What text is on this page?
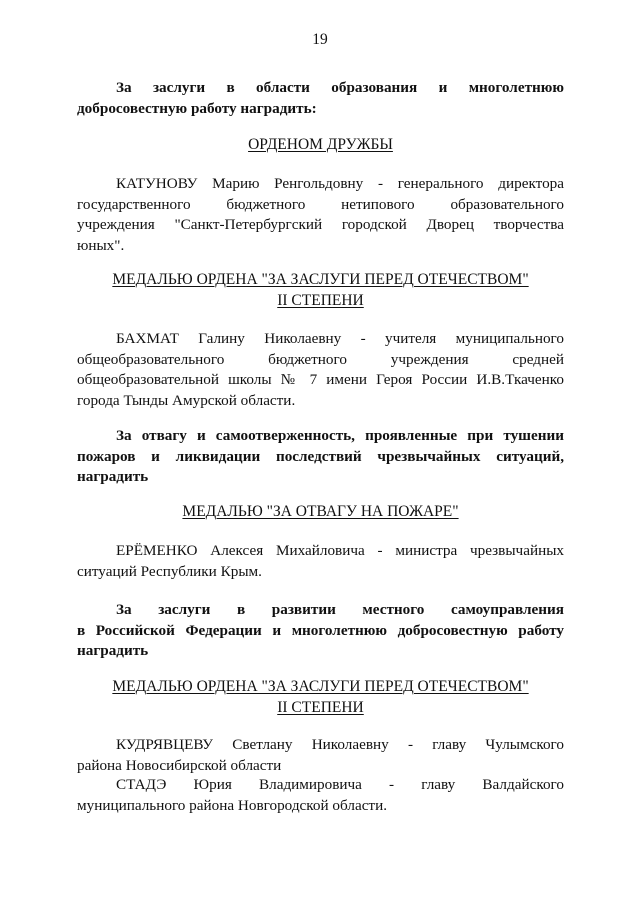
19
За заслуги в области образования и многолетнюю
добросовестную работу наградить:
ОРДЕНОМ ДРУЖБЫ
КАТУНОВУ Марию Ренгольдовну - генерального директора
государственного бюджетного нетипового образовательного
учреждения "Санкт-Петербургский городской Дворец творчества
юных".
МЕДАЛЬЮ ОРДЕНА "ЗА ЗАСЛУГИ ПЕРЕД ОТЕЧЕСТВОМ"
II СТЕПЕНИ
БАХМАТ Галину Николаевну - учителя муниципального
общеобразовательного бюджетного учреждения средней
общеобразовательной школы № 7 имени Героя России И.В.Ткаченко
города Тынды Амурской области.
За отвагу и самоотверженность, проявленные при тушении
пожаров и ликвидации последствий чрезвычайных ситуаций,
наградить
МЕДАЛЬЮ "ЗА ОТВАГУ НА ПОЖАРЕ"
ЕРЁМЕНКО Алексея Михайловича - министра чрезвычайных
ситуаций Республики Крым.
За заслуги в развитии местного самоуправления
в Российской Федерации и многолетнюю добросовестную работу
наградить
МЕДАЛЬЮ ОРДЕНА "ЗА ЗАСЛУГИ ПЕРЕД ОТЕЧЕСТВОМ"
II СТЕПЕНИ
КУДРЯВЦЕВУ Светлану Николаевну - главу Чулымского
района Новосибирской области
СТАДЭ Юрия Владимировича - главу Валдайского
муниципального района Новгородской области.
